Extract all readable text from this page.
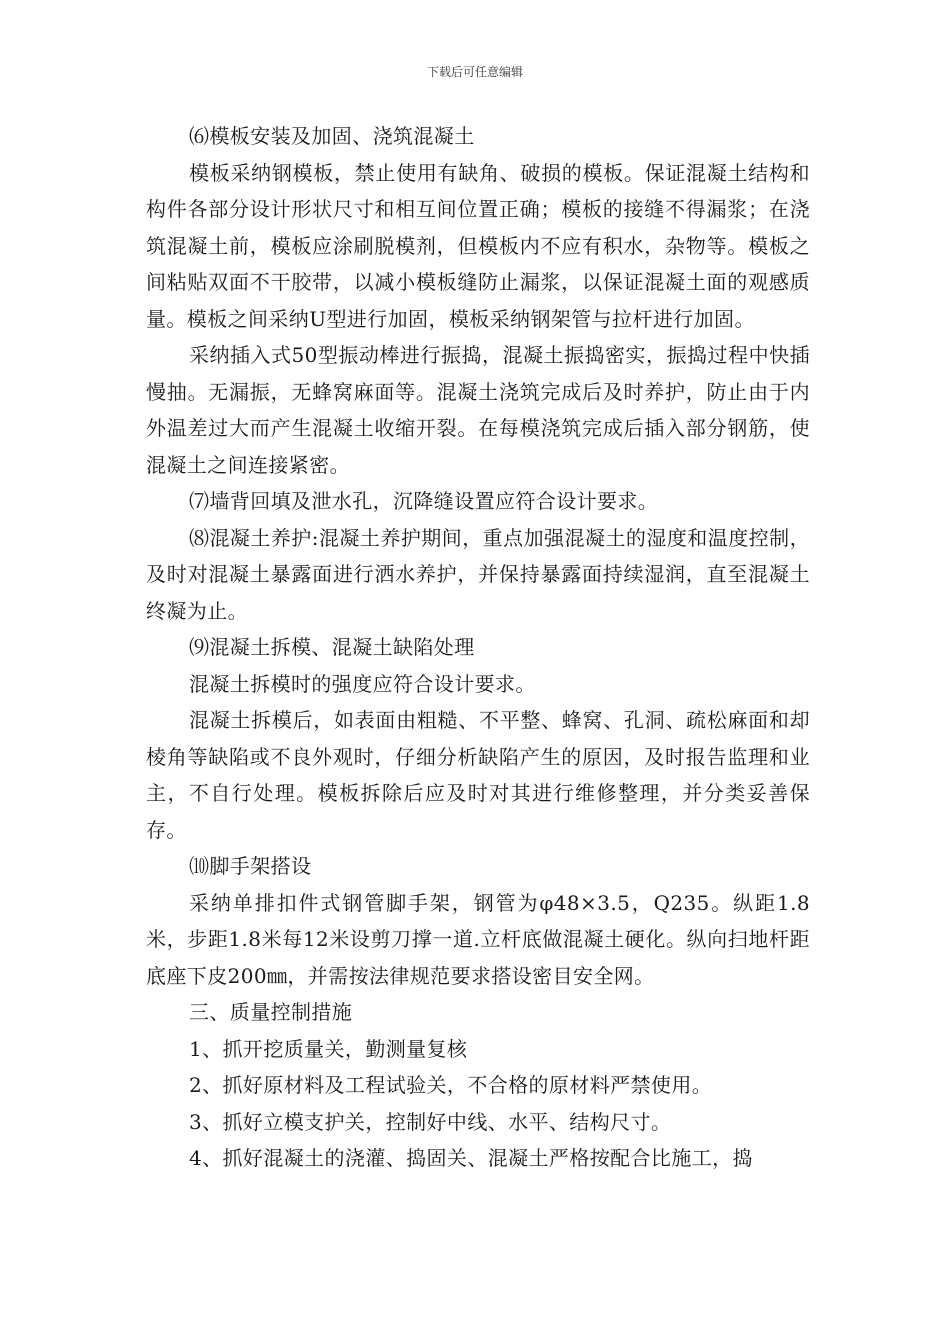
下载后可任意编辑

⑹模板安装及加固、浇筑混凝土

模板采纳钢模板，禁止使用有缺角、破损的模板。保证混凝土结构和构件各部分设计形状尺寸和相互间位置正确；模板的接缝不得漏浆；在浇筑混凝土前，模板应涂刷脱模剂，但模板内不应有积水，杂物等。模板之间粘贴双面不干胶带，以减小模板缝防止漏浆，以保证混凝土面的观感质量。模板之间采纳U型进行加固，模板采纳钢架管与拉杆进行加固。

采纳插入式50型振动棒进行振捣，混凝土振捣密实，振捣过程中快插慢抽。无漏振，无蜂窝麻面等。混凝土浇筑完成后及时养护，防止由于内外温差过大而产生混凝土收缩开裂。在每模浇筑完成后插入部分钢筋，使混凝土之间连接紧密。

⑺墙背回填及泄水孔，沉降缝设置应符合设计要求。

⑻混凝土养护:混凝土养护期间，重点加强混凝土的湿度和温度控制，及时对混凝土暴露面进行洒水养护，并保持暴露面持续湿润，直至混凝土终凝为止。

⑼混凝土拆模、混凝土缺陷处理

混凝土拆模时的强度应符合设计要求。

混凝土拆模后，如表面由粗糙、不平整、蜂窝、孔洞、疏松麻面和却棱角等缺陷或不良外观时，仔细分析缺陷产生的原因，及时报告监理和业主，不自行处理。模板拆除后应及时对其进行维修整理，并分类妥善保存。

⑽脚手架搭设

采纳单排扣件式钢管脚手架，钢管为φ48×3.5，Q235。纵距1.8米，步距1.8米每12米设剪刀撑一道.立杆底做混凝土硬化。纵向扫地杆距底座下皮200㎜，并需按法律规范要求搭设密目安全网。

三、质量控制措施

1、抓开挖质量关，勤测量复核

2、抓好原材料及工程试验关，不合格的原材料严禁使用。

3、抓好立模支护关，控制好中线、水平、结构尺寸。

4、抓好混凝土的浇灌、捣固关、混凝土严格按配合比施工，捣
